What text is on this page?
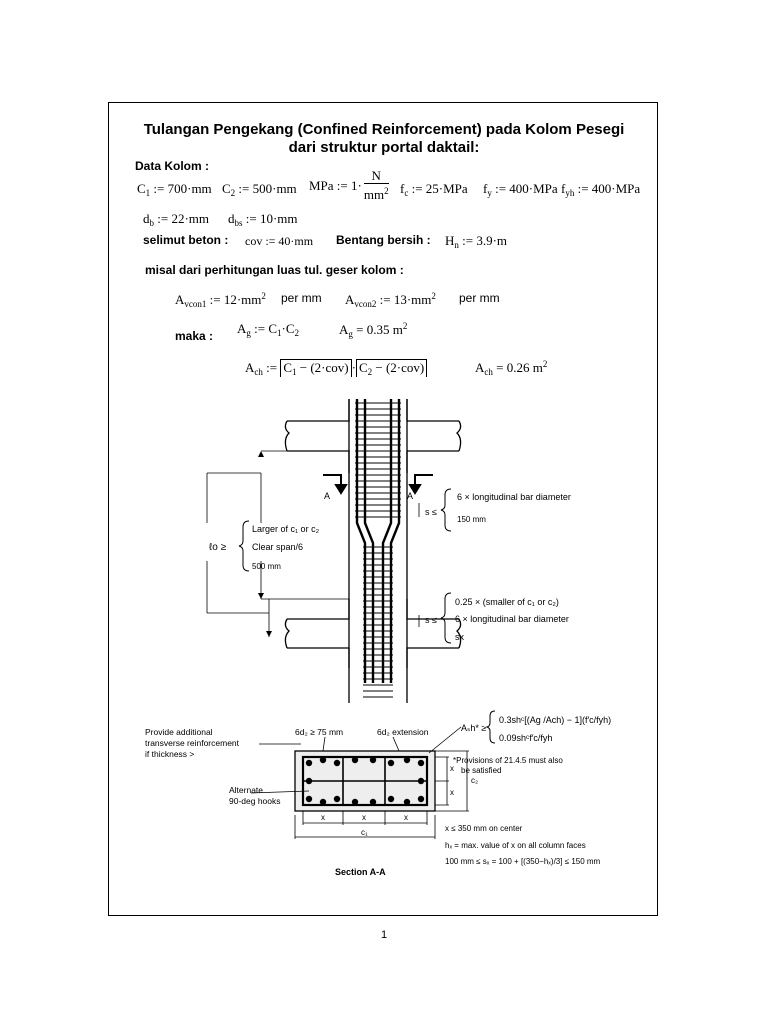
Tulangan Pengekang (Confined Reinforcement) pada Kolom Pesegi
dari struktur portal daktail:
Data Kolom :
$C_1$ := 700·mm $C_2$ := 500·mm MPa := $1\cdot \frac{N}{mm^2} f_c$ := 25·MPa $f_y$ := 400·MPa $f_{yh}$ := 400·MPa
$d_b$ := 22·mm $d_{bs}$ := 10·mm
selimut beton : cov := 40·mm Bentang bersih : $H_n$ := 3.9·m
misal dari perhitungan luas tul. geser kolom :
$A_{vcon1}$ := $12\cdot mm^2$ per mm $A_{vcon2}$ := $13\cdot mm^2$ per mm
maka : $A_g$ := $C_1\cdot C_2$	$A_g = 0.35$ $m^2$
$A_{ch}$ := $C_1 - (2\cdot cov) \cdot C_2 - (2\cdot cov)$	$A_{ch} = 0.26$ $m^2$
A	A
s ≤
6 × longitudinal bar diameter
150 mm
ℓo ≥
Larger of c₁ or c₂
Clear span/6
500 mm
s ≤
0.25 × (smaller of c₁ or c₂)
6 × longitudinal bar diameter
sx
Provide additional
transverse reinforcement
if thickness >
6d₂ ≥ 75 mm	6d₂ extension	Aₛh* ≥
0.3shᶜ[(Ag /Ach) − 1](f′c/fyh)
0.09shᶜf′c/fyh
*Provisions of 21.4.5 must also
be satisfied
Alternate
90-deg hooks
x	x	x
c₁
x
x
c₂
x ≤ 350 mm on center
hₓ = max. value of x on all column faces
100 mm ≤ sₓ = 100 + [(350−hₓ)/3] ≤ 150 mm
Section A-A
1
